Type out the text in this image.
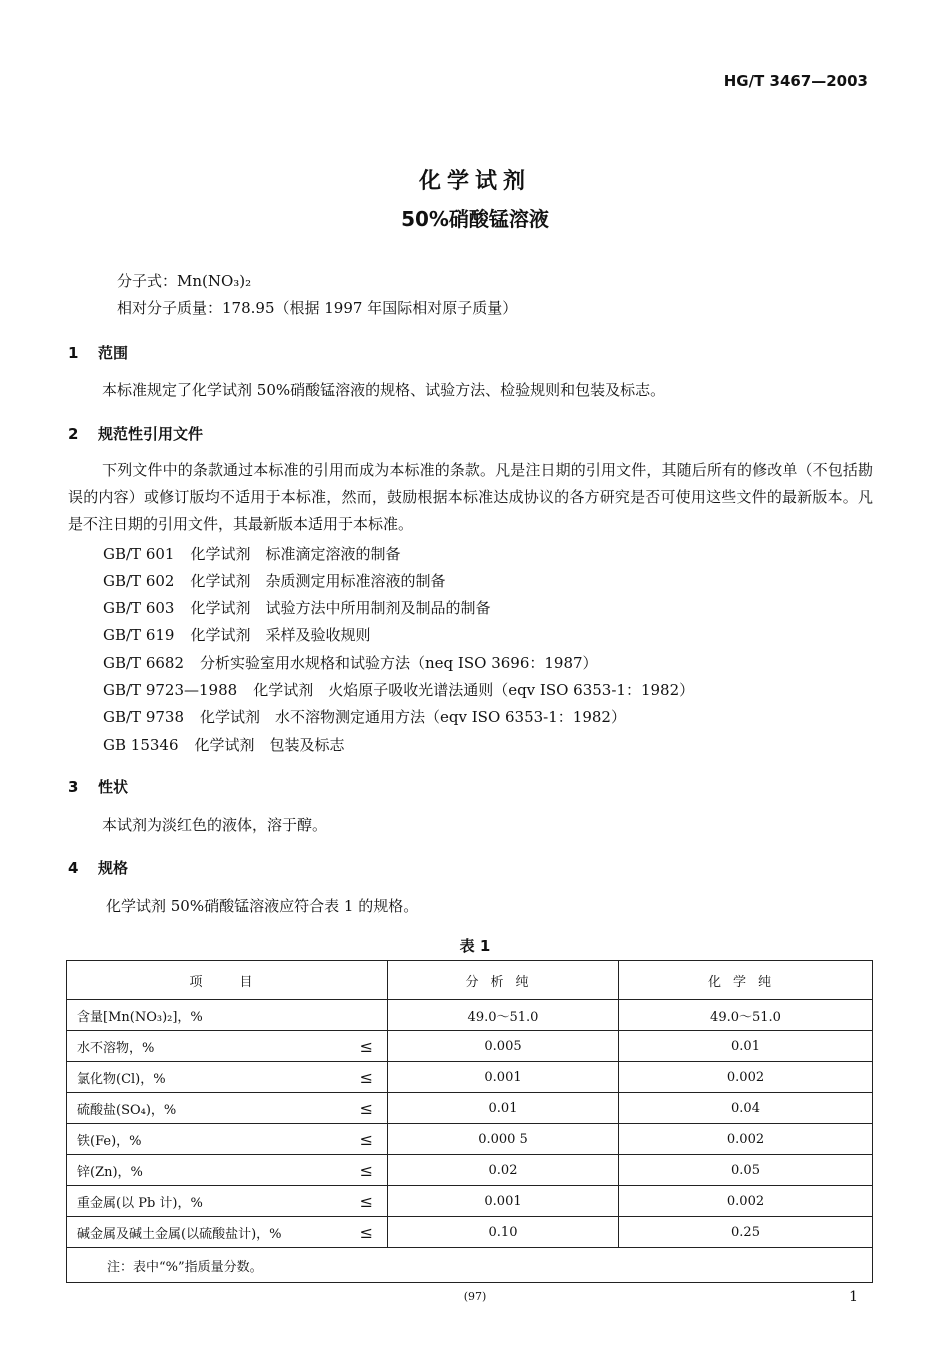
HG/T 3467—2003
化学试剂
50%硝酸锰溶液
分子式：Mn(NO₃)₂
相对分子质量：178.95（根据 1997 年国际相对原子质量）
1 范围
本标准规定了化学试剂 50%硝酸锰溶液的规格、试验方法、检验规则和包装及标志。
2 规范性引用文件
下列文件中的条款通过本标准的引用而成为本标准的条款。凡是注日期的引用文件，其随后所有的修改单（不包括勘误的内容）或修订版均不适用于本标准，然而，鼓励根据本标准达成协议的各方研究是否可使用这些文件的最新版本。凡是不注日期的引用文件，其最新版本适用于本标准。
GB/T 601 化学试剂　标准滴定溶液的制备
GB/T 602 化学试剂　杂质测定用标准溶液的制备
GB/T 603 化学试剂　试验方法中所用制剂及制品的制备
GB/T 619 化学试剂　采样及验收规则
GB/T 6682 分析实验室用水规格和试验方法（neq ISO 3696：1987）
GB/T 9723—1988 化学试剂　火焰原子吸收光谱法通则（eqv ISO 6353-1：1982）
GB/T 9738 化学试剂　水不溶物测定通用方法（eqv ISO 6353-1：1982）
GB 15346 化学试剂　包装及标志
3 性状
本试剂为淡红色的液体，溶于醇。
4 规格
化学试剂 50%硝酸锰溶液应符合表 1 的规格。
表 1
项　目	分析纯	化学纯

含量[Mn(NO₃)₂]，%	49.0～51.0	49.0～51.0

水不溶物，% ≤	0.005	0.01

氯化物(Cl)，% ≤	0.001	0.002

硫酸盐(SO₄)，% ≤	0.01	0.04

铁(Fe)，% ≤	0.000 5	0.002

锌(Zn)，% ≤	0.02	0.05

重金属(以 Pb 计)，% ≤	0.001	0.002

碱金属及碱土金属(以硫酸盐计)，% ≤	0.10	0.25
注：表中“%”指质量分数。		
(97)	1
